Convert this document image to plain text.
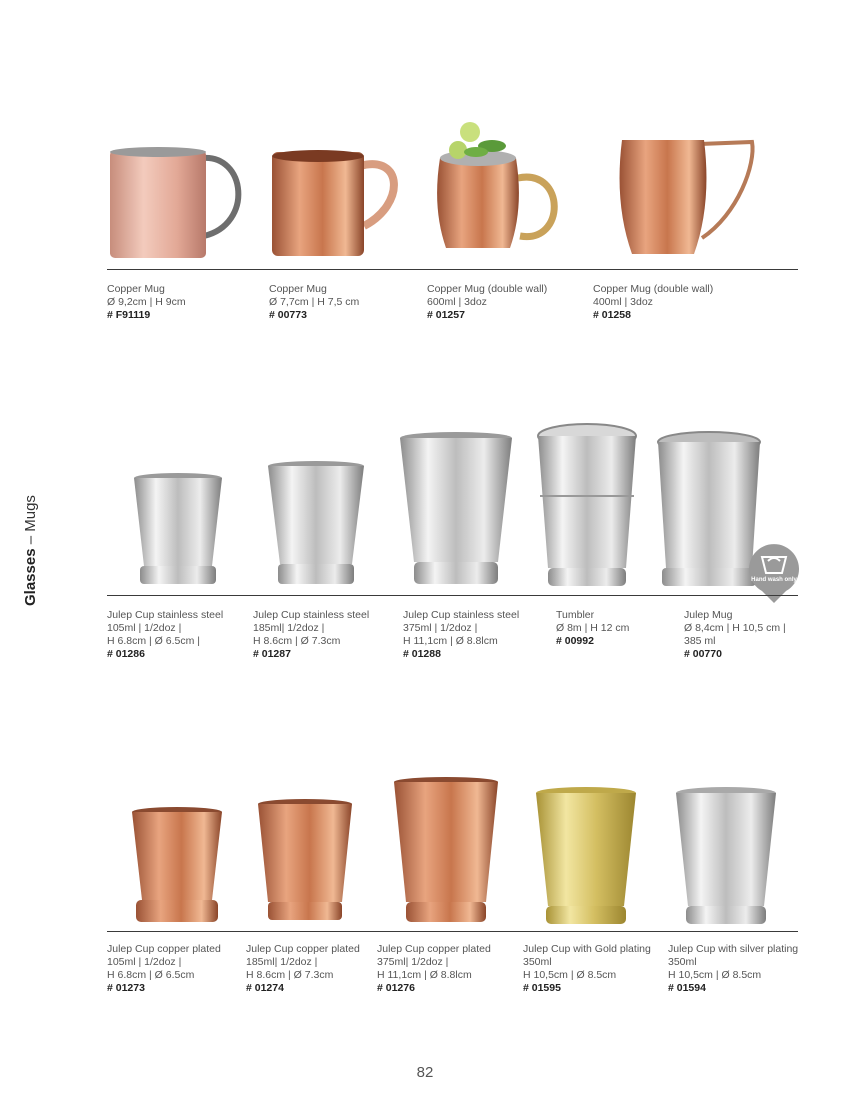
Glasses – Mugs
Copper Mug
Ø 9,2cm | H 9cm
# F91119
Copper Mug
Ø 7,7cm | H 7,5 cm
# 00773
Copper Mug (double wall)
600ml | 3doz
# 01257
Copper Mug (double wall)
400ml | 3doz
# 01258
Hand wash only
Julep Cup stainless steel
105ml | 1/2doz |
H 6.8cm | Ø 6.5cm |
# 01286
Julep Cup stainless steel
185ml| 1/2doz |
H 8.6cm | Ø 7.3cm
# 01287
Julep Cup stainless steel
375ml | 1/2doz |
H 11,1cm | Ø 8.8lcm
# 01288
Tumbler
Ø 8m | H 12 cm
# 00992
Julep Mug
Ø 8,4cm | H 10,5 cm |
385 ml
# 00770
Julep Cup copper plated
105ml | 1/2doz |
H 6.8cm | Ø 6.5cm
# 01273
Julep Cup copper plated
185ml| 1/2doz |
H 8.6cm | Ø 7.3cm
# 01274
Julep Cup copper plated
375ml| 1/2doz |
H 11,1cm | Ø 8.8lcm
# 01276
Julep Cup with Gold plating
350ml
H 10,5cm | Ø 8.5cm
# 01595
Julep Cup with silver plating
350ml
H 10,5cm | Ø 8.5cm
# 01594
82
